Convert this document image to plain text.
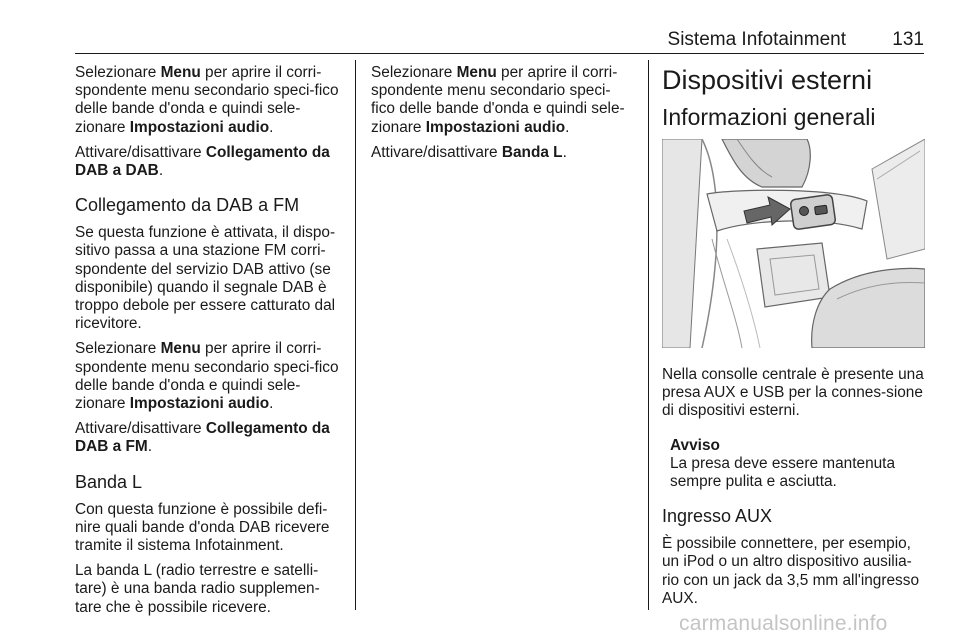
Sistema Infotainment 131

Selezionare Menu per aprire il corri-spondente menu secondario speci-fico delle bande d'onda e quindi sele-zionare Impostazioni audio.

Attivare/disattivare Collegamento da DAB a DAB.

Collegamento da DAB a FM

Se questa funzione è attivata, il dispo-sitivo passa a una stazione FM corri-spondente del servizio DAB attivo (se disponibile) quando il segnale DAB è troppo debole per essere catturato dal ricevitore.

Selezionare Menu per aprire il corri-spondente menu secondario speci-fico delle bande d'onda e quindi sele-zionare Impostazioni audio.

Attivare/disattivare Collegamento da DAB a FM.

Banda L

Con questa funzione è possibile defi-nire quali bande d'onda DAB ricevere tramite il sistema Infotainment.

La banda L (radio terrestre e satelli-tare) è una banda radio supplemen-tare che è possibile ricevere.

Selezionare Menu per aprire il corri-spondente menu secondario speci-fico delle bande d'onda e quindi sele-zionare Impostazioni audio.

Attivare/disattivare Banda L.

Dispositivi esterni
Informazioni generali

Nella consolle centrale è presente una presa AUX e USB per la connes-sione di dispositivi esterni.

Avviso

La presa deve essere mantenuta sempre pulita e asciutta.

Ingresso AUX

È possibile connettere, per esempio, un iPod o un altro dispositivo ausilia-rio con un jack da 3,5 mm all'ingresso AUX.

carmanualsonline.info
